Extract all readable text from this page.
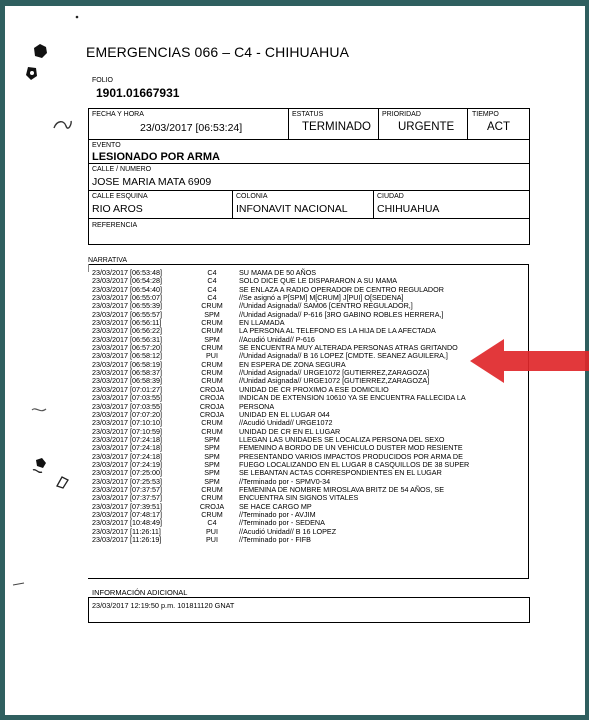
EMERGENCIAS 066 – C4 - CHIHUAHUA
FOLIO
1901.01667931
FECHA Y HORA
23/03/2017 [06:53:24]
ESTATUS
TERMINADO
PRIORIDAD
URGENTE
TIEMPO
ACT
EVENTO
LESIONADO POR ARMA
CALLE / NUMERO
JOSE MARIA MATA 6909
CALLE ESQUINA
RIO AROS
COLONIA
INFONAVIT NACIONAL
CIUDAD
CHIHUAHUA
REFERENCIA
NARRATIVA
23/03/2017 [06:53:48]	C4	SU MAMA DE 50 AÑOS
23/03/2017 [06:54:28]	C4	SOLO DICE QUE LE DISPARARON A SU MAMA
23/03/2017 [06:54:40]	C4	SE ENLAZA A RADIO OPERADOR DE CENTRO REGULADOR
23/03/2017 [06:55:07]	C4	//Se asignó a P[SPM] M[CRUM] J[PUI] O[SEDENA]
23/03/2017 [06:55:39]	CRUM	//Unidad Asignada// SAM06 [CENTRO REGULADOR,]
23/03/2017 [06:55:57]	SPM	//Unidad Asignada// P-616 [3RO GABINO ROBLES HERRERA,]
23/03/2017 [06:56:11]	CRUM	EN LLAMADA
23/03/2017 [06:56:22]	CRUM	LA PERSONA AL TELEFONO ES LA HIJA DE LA AFECTADA
23/03/2017 [06:56:31]	SPM	//Acudió Unidad// P-616
23/03/2017 [06:57:20]	CRUM	SE ENCUENTRA MUY ALTERADA PERSONAS ATRAS GRITANDO
23/03/2017 [06:58:12]	PUI	//Unidad Asignada// B 16 LOPEZ [CMDTE. SEANEZ AGUILERA,]
23/03/2017 [06:58:19]	CRUM	EN ESPERA DE ZONA SEGURA
23/03/2017 [06:58:37]	CRUM	//Unidad Asignada// URGE1072 [GUTIERREZ,ZARAGOZA]
23/03/2017 [06:58:39]	CRUM	//Unidad Asignada// URGE1072 [GUTIERREZ,ZARAGOZA]
23/03/2017 [07:01:27]	CROJA	UNIDAD DE CR PROXIMO A ESE DOMICILIO
23/03/2017 [07:03:55]	CROJA	INDICAN DE EXTENSION 10610 YA SE ENCUENTRA FALLECIDA LA
23/03/2017 [07:03:55]	CROJA	PERSONA
23/03/2017 [07:07:20]	CROJA	UNIDAD EN EL LUGAR 044
23/03/2017 [07:10:10]	CRUM	//Acudió Unidad// URGE1072
23/03/2017 [07:10:59]	CRUM	UNIDAD DE CR EN EL LUGAR
23/03/2017 [07:24:18]	SPM	LLEGAN LAS UNIDADES SE LOCALIZA PERSONA DEL SEXO
23/03/2017 [07:24:18]	SPM	FEMENINO A BORDO DE UN VEHICULO DUSTER MOD RESIENTE
23/03/2017 [07:24:18]	SPM	PRESENTANDO VARIOS IMPACTOS PRODUCIDOS POR ARMA DE
23/03/2017 [07:24:19]	SPM	FUEGO LOCALIZANDO EN EL LUGAR 8 CASQUILLOS DE 38 SUPER
23/03/2017 [07:25:00]	SPM	SE LEBANTAN ACTAS CORRESPONDIENTES EN EL LUGAR
23/03/2017 [07:25:53]	SPM	//Terminado por - SPMV0-34
23/03/2017 [07:37:57]	CRUM	FEMENINA DE NOMBRE MIROSLAVA BRITZ DE 54 AÑOS, SE
23/03/2017 [07:37:57]	CRUM	ENCUENTRA SIN SIGNOS VITALES
23/03/2017 [07:39:51]	CROJA	SE HACE CARGO MP
23/03/2017 [07:48:17]	CRUM	//Terminado por - AVJIM
23/03/2017 [10:48:49]	C4	//Terminado por - SEDENA
23/03/2017 [11:26:11]	PUI	//Acudió Unidad// B 16 LOPEZ
23/03/2017 [11:26:19]	PUI	//Terminado por - FIFB
INFORMACIÓN ADICIONAL
23/03/2017 12:19:50 p.m. 101811120 GNAT
